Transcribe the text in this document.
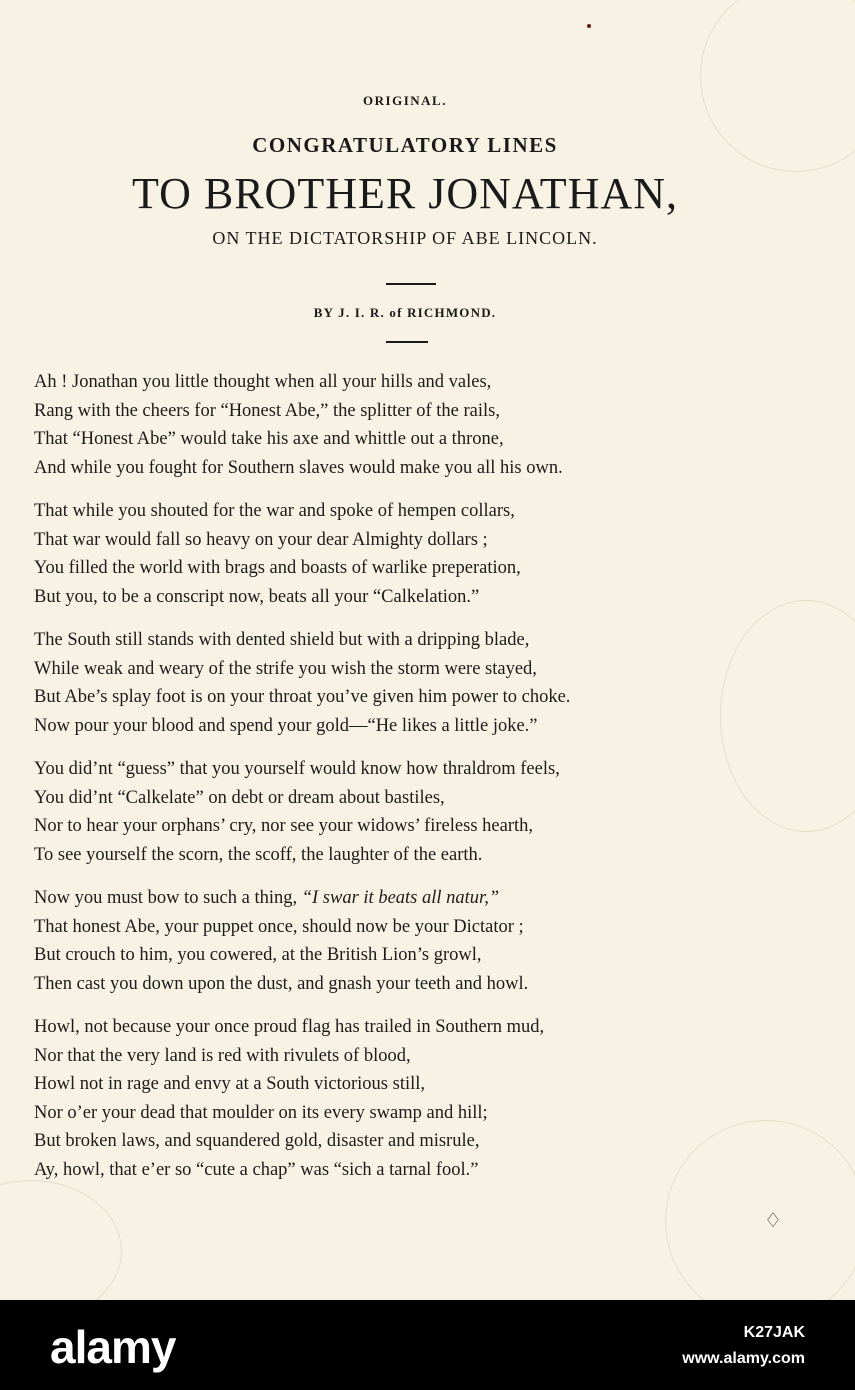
ORIGINAL.
CONGRATULATORY LINES
TO BROTHER JONATHAN,
ON THE DICTATORSHIP OF ABE LINCOLN.
BY J. I. R. of RICHMOND.
Ah ! Jonathan you little thought when all your hills and vales,
Rang with the cheers for “Honest Abe,” the splitter of the rails,
That “Honest Abe” would take his axe and whittle out a throne,
And while you fought for Southern slaves would make you all his own.
That while you shouted for the war and spoke of hempen collars,
That war would fall so heavy on your dear Almighty dollars ;
You filled the world with brags and boasts of warlike preperation,
But you, to be a conscript now, beats all your “Calkelation.”
The South still stands with dented shield but with a dripping blade,
While weak and weary of the strife you wish the storm were stayed,
But Abe’s splay foot is on your throat you’ve given him power to choke.
Now pour your blood and spend your gold—“He likes a little joke.”
You did’nt “guess” that you yourself would know how thraldrom feels,
You did’nt “Calkelate” on debt or dream about bastiles,
Nor to hear your orphans’ cry, nor see your widows’ fireless hearth,
To see yourself the scorn, the scoff, the laughter of the earth.
Now you must bow to such a thing, “I swar it beats all natur,”
That honest Abe, your puppet once, should now be your Dictator ;
But crouch to him, you cowered, at the British Lion’s growl,
Then cast you down upon the dust, and gnash your teeth and howl.
Howl, not because your once proud flag has trailed in Southern mud,
Nor that the very land is red with rivulets of blood,
Howl not in rage and envy at a South victorious still,
Nor o’er your dead that moulder on its every swamp and hill;
But broken laws, and squandered gold, disaster and misrule,
Ay, howl, that e’er so “cute a chap” was “sich a tarnal fool.”
♢
alamy	K27JAK
www.alamy.com
